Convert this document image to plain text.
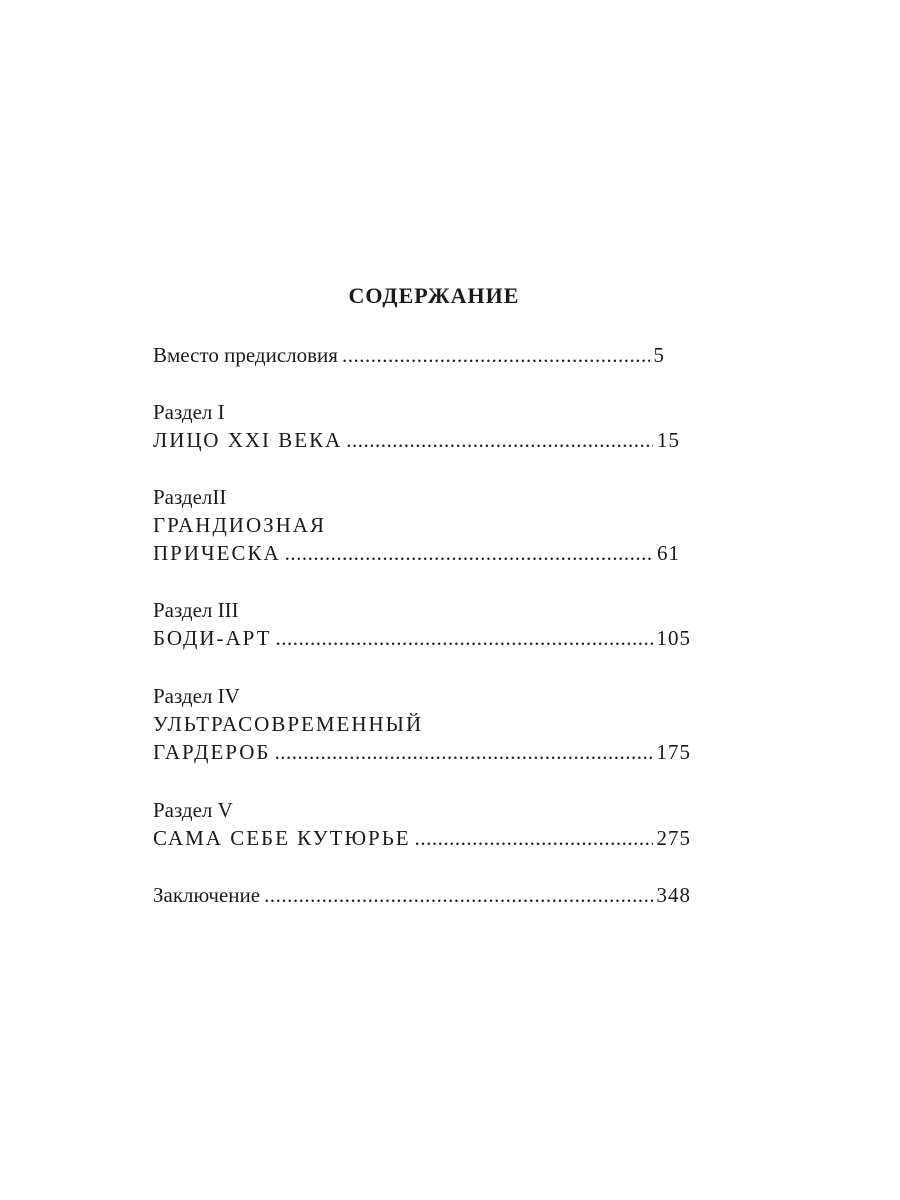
СОДЕРЖАНИЕ
Вместо предисловия .....	5
Раздел I
ЛИЦО XXI ВЕКА .....	15
РазделII
ГРАНДИОЗНАЯ
ПРИЧЕСКА .....	61
Раздел III
БОДИ-АРТ .....	105
Раздел IV
УЛЬТРАСОВРЕМЕННЫЙ
ГАРДЕРОБ .....	175
Раздел V
САМА СЕБЕ КУТЮРЬЕ .....	275
Заключение .....	348
